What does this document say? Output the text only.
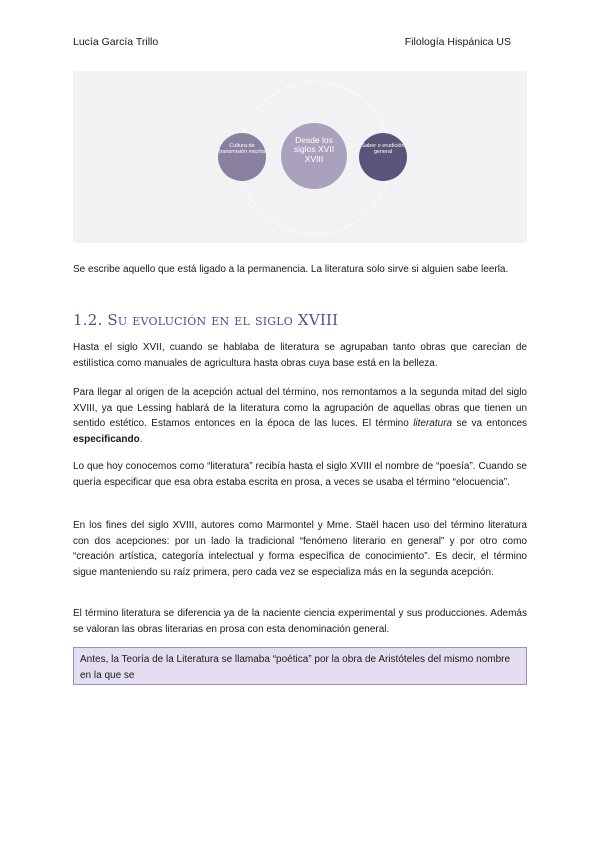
Lucía García Trillo	Filología Hispánica US
Cultura de transmisión escrita
Desde los siglos XVII XVIII
Saber o erudición general

Se escribe aquello que está ligado a la permanencia. La literatura solo sirve si alguien sabe leerla.

1.2. Su evolución en el siglo XVIII

Hasta el siglo XVII, cuando se hablaba de literatura se agrupaban tanto obras que carecían de estilística como manuales de agricultura hasta obras cuya base está en la belleza.

Para llegar al origen de la acepción actual del término, nos remontamos a la segunda mitad del siglo XVIII, ya que Lessing hablará de la literatura como la agrupación de aquellas obras que tienen un sentido estético. Estamos entonces en la época de las luces. El término literatura se va entonces especificando.

Lo que hoy conocemos como “literatura” recibía hasta el siglo XVIII el nombre de “poesía”. Cuando se quería especificar que esa obra estaba escrita en prosa, a veces se usaba el término “elocuencia”.

En los fines del siglo XVIII, autores como Marmontel y Mme. Staël hacen uso del término literatura con dos acepciones: por un lado la tradicional “fenómeno literario en general” y por otro como “creación artística, categoría intelectual y forma específica de conocimiento”. Es decir, el término sigue manteniendo su raíz primera, pero cada vez se especializa más en la segunda acepción.

El término literatura se diferencia ya de la naciente ciencia experimental y sus producciones. Además se valoran las obras literarias en prosa con esta denominación general.

Antes, la Teoría de la Literatura se llamaba “poética” por la obra de Aristóteles del mismo nombre en la que se
